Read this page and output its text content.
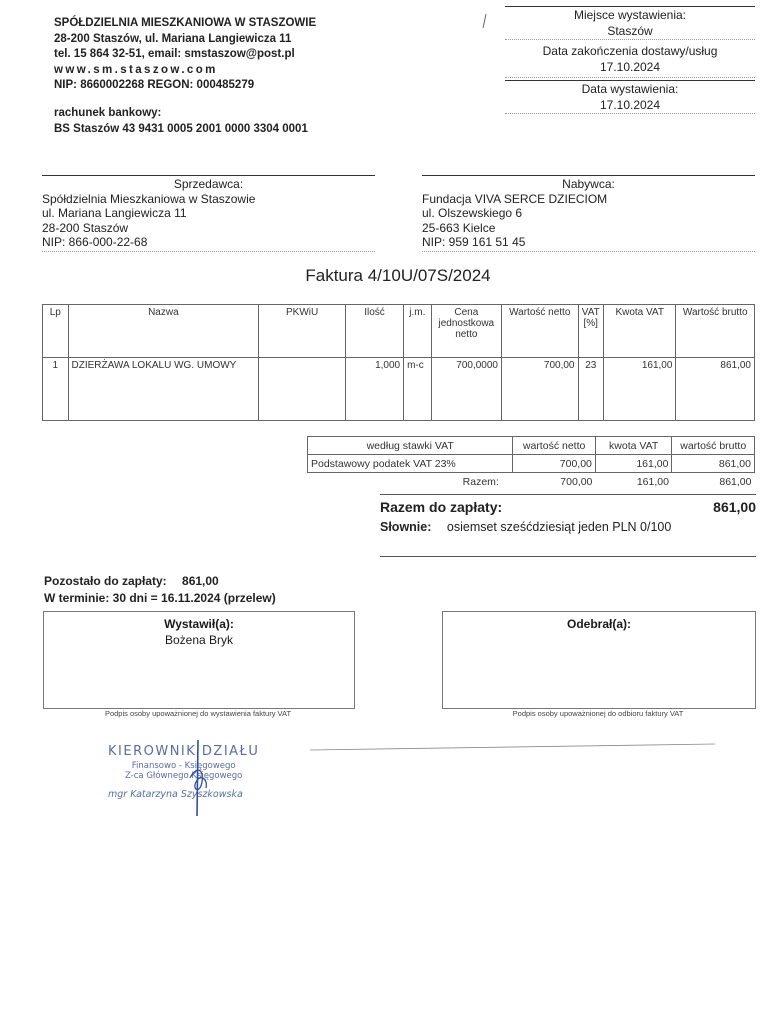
SPÓŁDZIELNIA MIESZKANIOWA W STASZOWIE
28-200 Staszów, ul. Mariana Langiewicza 11
tel. 15 864 32-51, email: smstaszow@post.pl
www.sm.staszow.com
NIP: 8660002268 REGON: 000485279
rachunek bankowy:
BS Staszów 43 9431 0005 2001 0000 3304 0001
Miejsce wystawienia:
Staszów
Data zakończenia dostawy/usług
17.10.2024
Data wystawienia:
17.10.2024
Sprzedawca:
Spółdzielnia Mieszkaniowa w Staszowie
ul. Mariana Langiewicza 11
28-200 Staszów
NIP: 866-000-22-68
Nabywca:
Fundacja VIVA SERCE DZIECIOM
ul. Olszewskiego 6
25-663 Kielce
NIP: 959 161 51 45
Faktura 4/10U/07S/2024
Lp	Nazwa	PKWiU	Ilość	j.m.	Cena jednostkowa netto	Wartość netto	VAT [%]	Kwota VAT	Wartość brutto
1	DZIERŻAWA LOKALU WG. UMOWY		1,000	m-c	700,0000	700,00	23	161,00	861,00
według stawki VAT	wartość netto	kwota VAT	wartość brutto
Podstawowy podatek VAT 23%	700,00	161,00	861,00
Razem:	700,00	161,00	861,00
Razem do zapłaty:	861,00
Słownie: osiemset sześćdziesiąt jeden PLN 0/100
Pozostało do zapłaty: 861,00
W terminie: 30 dni = 16.11.2024 (przelew)
Wystawił(a):
Bożena Bryk
Odebrał(a):
Podpis osoby upoważnionej do wystawienia faktury VAT	Podpis osoby upoważnionej do odbioru faktury VAT
KIEROWNIK DZIAŁU
Finansowo - Księgowego
Z-ca Głównego Księgowego
mgr Katarzyna Szyszkowska
